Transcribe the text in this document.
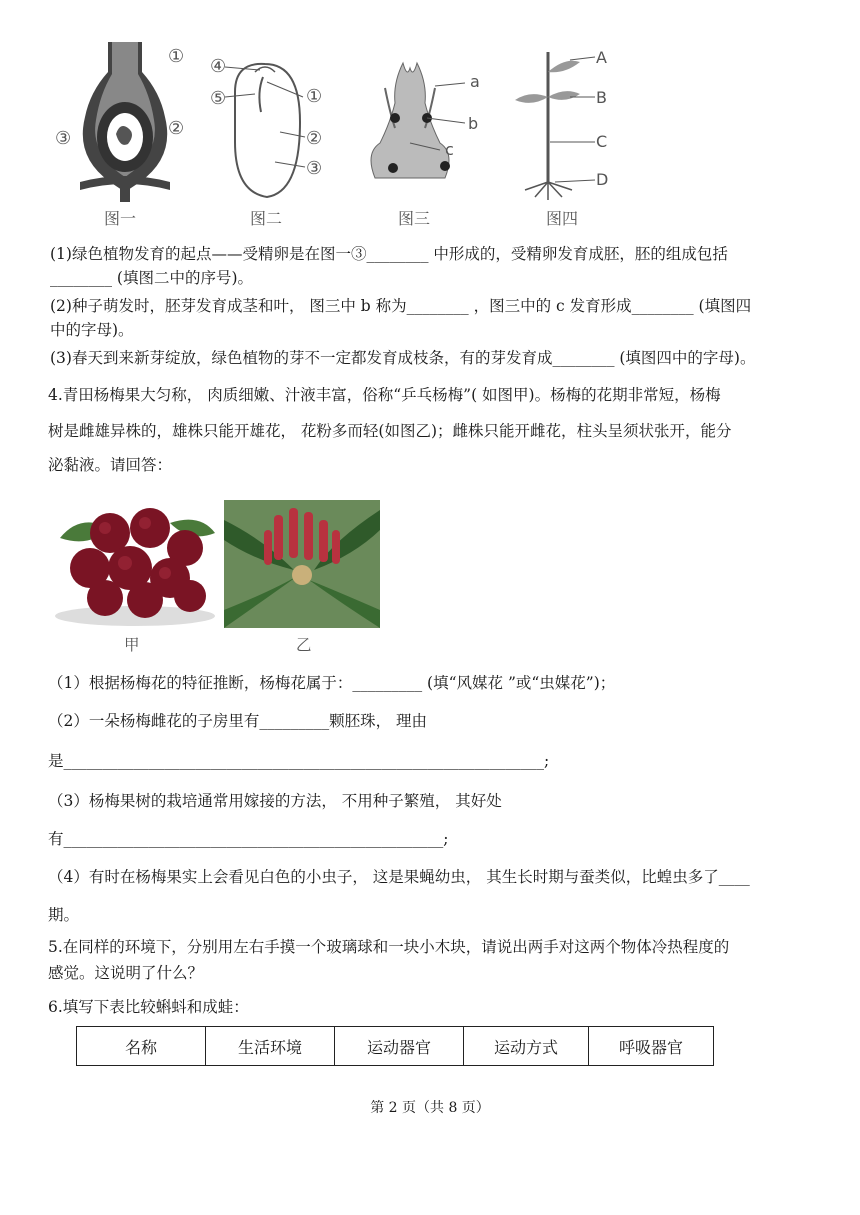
①
②
③
图一
④
⑤	①
②
③
图二
a
b
c
图三
A
B
C
D
图四
(1)绿色植物发育的起点——受精卵是在图一③________ 中形成的，受精卵发育成胚，胚的组成包括
________ (填图二中的序号)。
(2)种子萌发时，胚芽发育成茎和叶， 图三中 b 称为________ ，图三中的 c 发育形成________ (填图四
中的字母)。
(3)春天到来新芽绽放，绿色植物的芽不一定都发育成枝条，有的芽发育成________ (填图四中的字母)。
4.青田杨梅果大匀称， 肉质细嫩、汁液丰富，俗称“乒乓杨梅”( 如图甲)。杨梅的花期非常短，杨梅
树是雌雄异株的，雄株只能开雄花， 花粉多而轻(如图乙)；雌株只能开雌花，柱头呈须状张开，能分
泌黏液。请回答：
甲	乙
（1）根据杨梅花的特征推断，杨梅花属于：_________ (填“风媒花 ”或“虫媒花”)；
（2）一朵杨梅雌花的子房里有_________颗胚珠， 理由
是______________________________________________________________;
（3）杨梅果树的栽培通常用嫁接的方法， 不用种子繁殖， 其好处
有_________________________________________________;
（4）有时在杨梅果实上会看见白色的小虫子， 这是果蝇幼虫， 其生长时期与蚕类似，比蝗虫多了____
期。
5.在同样的环境下，分别用左右手摸一个玻璃球和一块小木块，请说出两手对这两个物体冷热程度的
感觉。这说明了什么？
6.填写下表比较蝌蚪和成蛙：
名称	生活环境	运动器官	运动方式	呼吸器官
第 2 页（共 8 页）
